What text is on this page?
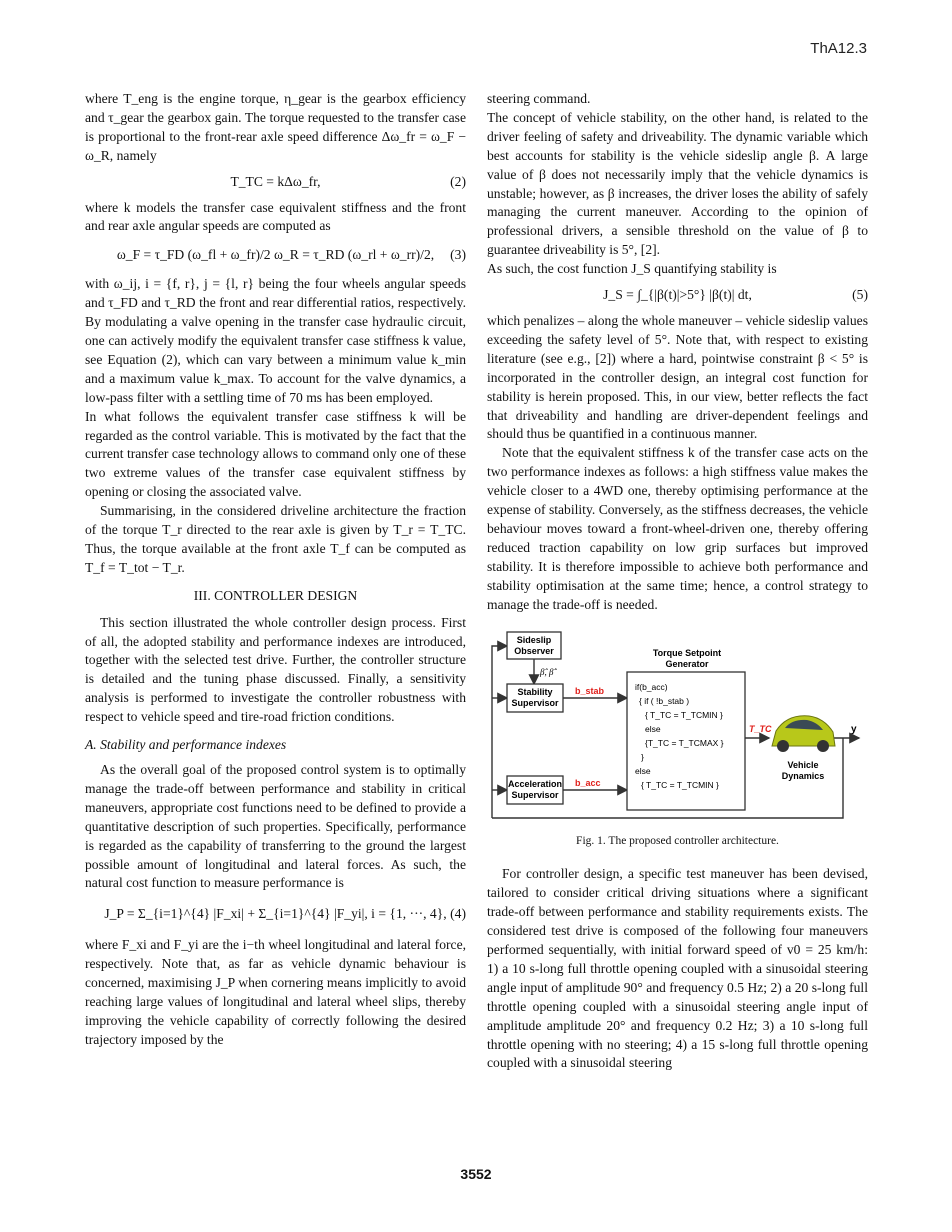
ThA12.3

where T_eng is the engine torque, η_gear is the gearbox efficiency and τ_gear the gearbox gain. The torque requested to the transfer case is proportional to the front-rear axle speed difference Δω_fr = ω_F − ω_R, namely

T_TC = kΔω_fr,	(2)

where k models the transfer case equivalent stiffness and the front and rear axle angular speeds are computed as

ω_F = τ_FD (ω_fl + ω_fr)/2 ω_R = τ_RD (ω_rl + ω_rr)/2, (3)

with ω_ij, i = {f, r}, j = {l, r} being the four wheels angular speeds and τ_FD and τ_RD the front and rear differential ratios, respectively. By modulating a valve opening in the transfer case hydraulic circuit, one can actively modify the equivalent transfer case stiffness k value, see Equation (2), which can vary between a minimum value k_min and a maximum value k_max. To account for the valve dynamics, a low-pass filter with a settling time of 70 ms has been employed.

In what follows the equivalent transfer case stiffness k will be regarded as the control variable. This is motivated by the fact that the current transfer case technology allows to command only one of these two extreme values of the transfer case equivalent stiffness by opening or closing the associated valve.

Summarising, in the considered driveline architecture the fraction of the torque T_r directed to the rear axle is given by T_r = T_TC. Thus, the torque available at the front axle T_f can be computed as T_f = T_tot − T_r.

III. CONTROLLER DESIGN

This section illustrated the whole controller design process. First of all, the adopted stability and performance indexes are introduced, together with the selected test drive. Further, the controller structure is detailed and the tuning phase discussed. Finally, a sensitivity analysis is performed to investigate the controller robustness with respect to vehicle speed and tire-road friction conditions.

A. Stability and performance indexes

As the overall goal of the proposed control system is to optimally manage the trade-off between performance and stability in critical maneuvers, appropriate cost functions need to be defined to provide a quantitative description of such properties. Specifically, performance is regarded as the capability of transferring to the ground the largest possible amount of longitudinal and lateral forces. As such, the natural cost function to measure performance is

J_P = Σ_{i=1}^{4} |F_xi| + Σ_{i=1}^{4} |F_yi|, i = {1, ···, 4}, (4)

where F_xi and F_yi are the i−th wheel longitudinal and lateral force, respectively. Note that, as far as vehicle dynamic behaviour is concerned, maximising J_P when cornering means implicitly to avoid reaching large values of longitudinal and lateral wheel slips, thereby improving the vehicle capability of correctly following the desired trajectory imposed by the

steering command.

The concept of vehicle stability, on the other hand, is related to the driver feeling of safety and driveability. The dynamic variable which best accounts for stability is the vehicle sideslip angle β. A large value of β does not necessarily imply that the vehicle dynamics is unstable; however, as β increases, the driver loses the ability of safely managing the current maneuver. According to the opinion of professional drivers, a sensible threshold on the value of β to guarantee driveability is 5°, [2].

As such, the cost function J_S quantifying stability is

J_S = ∫_{|β(t)|>5°} |β(t)| dt,	(5)

which penalizes – along the whole maneuver – vehicle sideslip values exceeding the safety level of 5°. Note that, with respect to existing literature (see e.g., [2]) where a hard, pointwise constraint β < 5° is incorporated in the controller design, an integral cost function for stability is herein proposed. This, in our view, better reflects the fact that driveability and handling are driver-dependent feelings and should thus be quantified in a continuous manner.

Note that the equivalent stiffness k of the transfer case acts on the two performance indexes as follows: a high stiffness value makes the vehicle closer to a 4WD one, thereby optimising performance at the expense of stability. Conversely, as the stiffness decreases, the vehicle behaviour moves toward a front-wheel-driven one, thereby offering reduced traction capability on low grip surfaces but improved stability. It is therefore impossible to achieve both performance and stability optimisation at the same time; hence, a control strategy to manage the trade-off is needed.

Sideslip
Observer
β̂, β̂̇
Stability
Supervisor
Acceleration
Supervisor
b_stab
b_acc
Torque Setpoint
Generator
if(b_acc)
{ if ( !b_stab )
{ T_TC = T_TCMIN }
else
{T_TC = T_TCMAX }
}
else
{ T_TC = T_TCMIN }
T_TC
Vehicle
Dynamics
y
Fig. 1. The proposed controller architecture.

For controller design, a specific test maneuver has been devised, tailored to consider critical driving situations where a significant trade-off between performance and stability requirements exists. The considered test drive is composed of the following four maneuvers performed sequentially, with initial forward speed of v0 = 25 km/h: 1) a 10 s-long full throttle opening coupled with a sinusoidal steering angle input of amplitude 90° and frequency 0.5 Hz; 2) a 20 s-long full throttle opening coupled with a sinusoidal steering angle input of amplitude amplitude 20° and frequency 0.2 Hz; 3) a 10 s-long full throttle opening with no steering; 4) a 15 s-long full throttle opening coupled with a sinusoidal steering

3552
